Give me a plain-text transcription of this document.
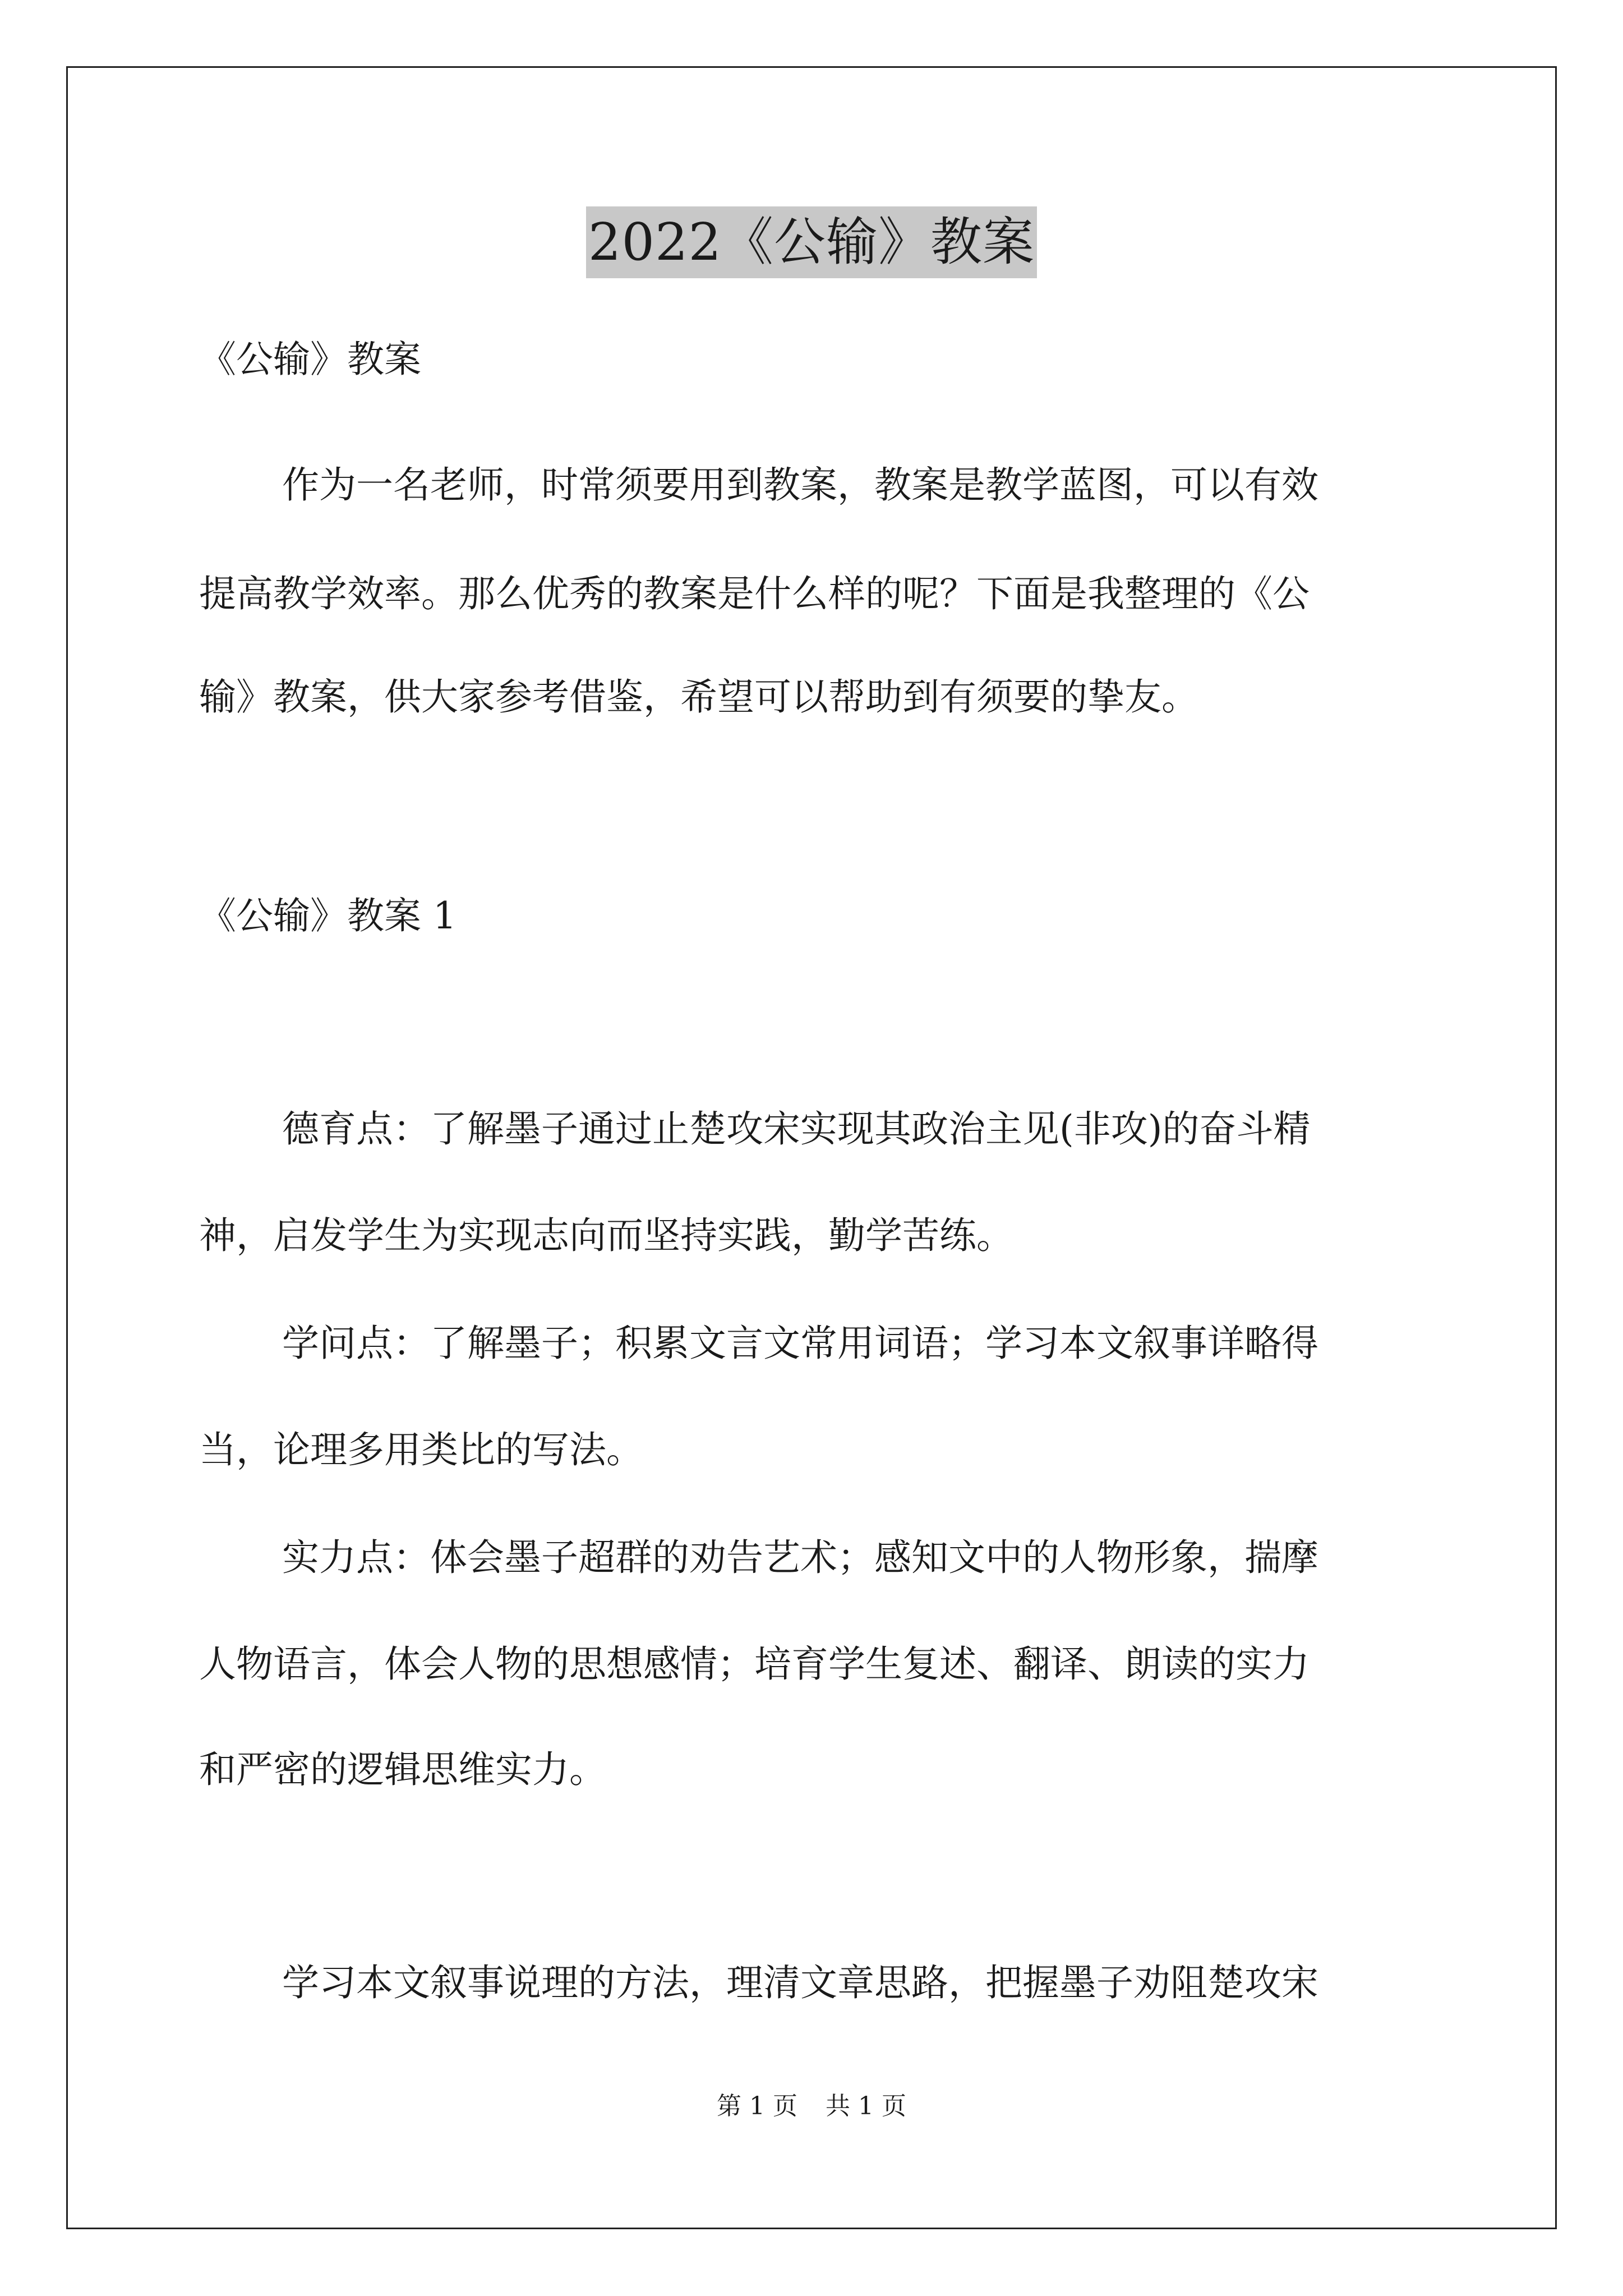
2022《公输》教案
《公输》教案
作为一名老师，时常须要用到教案，教案是教学蓝图，可以有效
提高教学效率。那么优秀的教案是什么样的呢？下面是我整理的《公
输》教案，供大家参考借鉴，希望可以帮助到有须要的挚友。
《公输》教案 1
德育点：了解墨子通过止楚攻宋实现其政治主见(非攻)的奋斗精
神，启发学生为实现志向而坚持实践，勤学苦练。
学问点：了解墨子；积累文言文常用词语；学习本文叙事详略得
当，论理多用类比的写法。
实力点：体会墨子超群的劝告艺术；感知文中的人物形象，揣摩
人物语言，体会人物的思想感情；培育学生复述、翻译、朗读的实力
和严密的逻辑思维实力。
学习本文叙事说理的方法，理清文章思路，把握墨子劝阻楚攻宋
第 1 页 共 1 页
